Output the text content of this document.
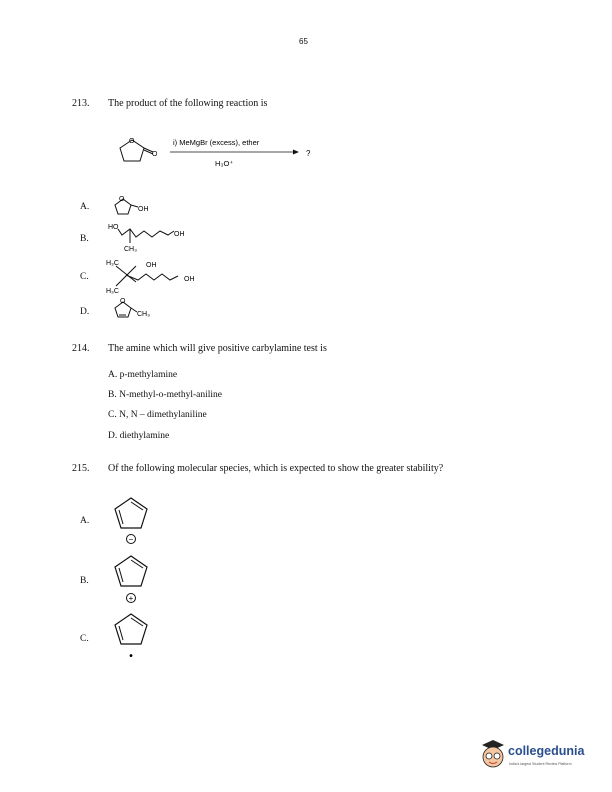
65
213. The product of the following reaction is
O
O
i) MeMgBr (excess), ether
?
H₃O⁺
A.
O
OH
B.
HO
OH
CH₃
C.
H₃C	OH
OH
H₃C
D.
O
CH₃
214. The amine which will give positive carbylamine test is
A. p-methylamine
B. N-methyl-o-methyl-aniline
C. N, N – dimethylaniline
D. diethylamine
215. Of the following molecular species, which is expected to show the greater stability?
A.
−
B.
+
C.
•
collegedunia
India's largest Student Review Platform
